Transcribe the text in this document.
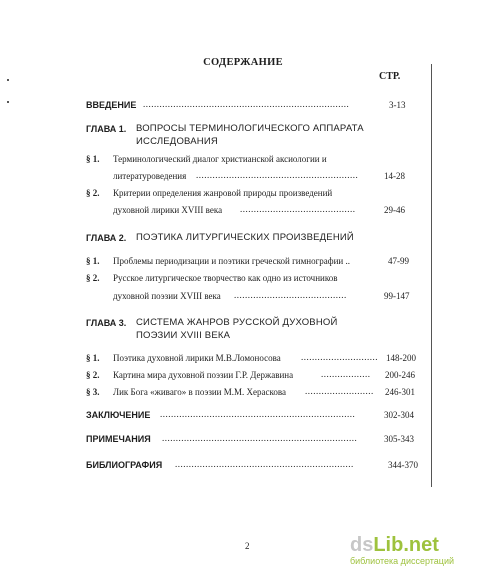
СОДЕРЖАНИЕ
СТР.
ВВЕДЕНИЕ ...........................................................................	3-13
ГЛАВА 1. ВОПРОСЫ ТЕРМИНОЛОГИЧЕСКОГО АППАРАТА
ИССЛЕДОВАНИЯ
§ 1. Терминологический диалог христианской аксиологии и
литературоведения ...........................................................	14-28
§ 2. Критерии определения жанровой природы произведений
духовной лирики XVIII века ..........................................	29-46
ГЛАВА 2. ПОЭТИКА ЛИТУРГИЧЕСКИХ ПРОИЗВЕДЕНИЙ
§ 1. Проблемы периодизации и поэтики греческой гимнографии ..	47-99
§ 2. Русское литургическое творчество как одно из источников
духовной поэзии XVIII века .........................................	99-147
ГЛАВА 3. СИСТЕМА ЖАНРОВ РУССКОЙ ДУХОВНОЙ
ПОЭЗИИ XVIII ВЕКА
§ 1. Поэтика духовной лирики М.В.Ломоносова ............................ 148-200
§ 2. Картина мира духовной поэзии Г.Р. Державина	.................. 200-246
§ 3. Лик Бога «живаго» в поэзии М.М. Хераскова ......................... 246-301
ЗАКЛЮЧЕНИЕ .......................................................................	302-304
ПРИМЕЧАНИЯ .......................................................................	305-343
БИБЛИОГРАФИЯ .................................................................	344-370
2	dsLib.net
библиотека диссертаций
